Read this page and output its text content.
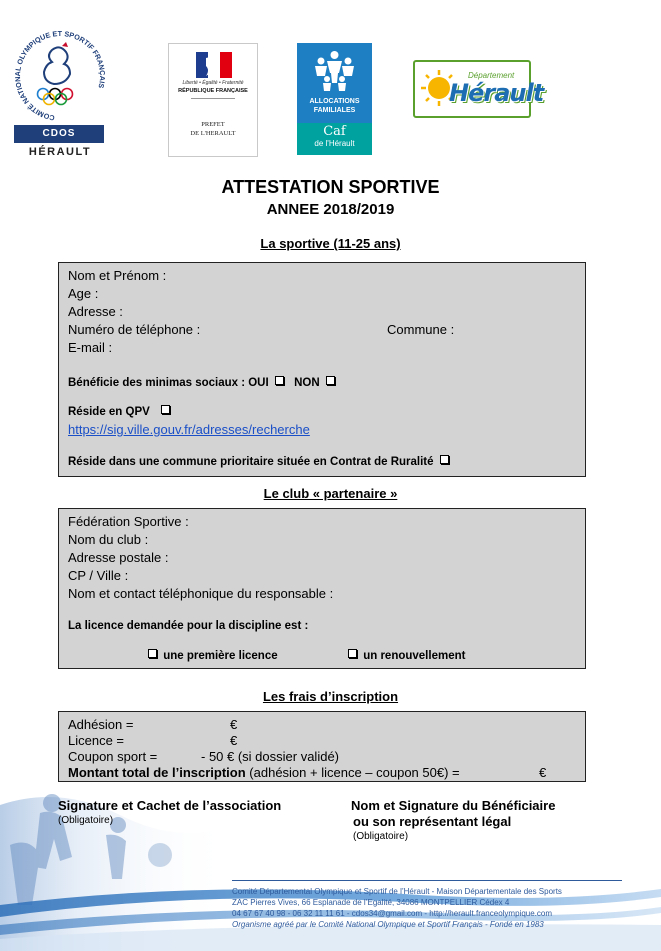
COMITÉ NATIONAL OLYMPIQUE ET SPORTIF FRANÇAIS
CDOS
HÉRAULT
Liberté • Égalité • Fraternité
RÉPUBLIQUE FRANÇAISE
PREFET
DE L'HERAULT
ALLOCATIONS
FAMILIALES
Caf
de l'Hérault
Département
Hérault
ATTESTATION SPORTIVE
ANNEE 2018/2019
La sportive (11-25 ans)
Nom et Prénom :
Age :
Adresse :
Numéro de téléphone :	Commune :
E-mail :
Bénéficie des minimas sociaux : OUI NON
Réside en QPV
https://sig.ville.gouv.fr/adresses/recherche
Réside dans une commune prioritaire située en Contrat de Ruralité
Le club « partenaire »
Fédération Sportive :
Nom du club :
Adresse postale :
CP / Ville :
Nom et contact téléphonique du responsable :
La licence demandée pour la discipline est :
une première licence	un renouvellement
Les frais d’inscription
Adhésion =	€
Licence =	€
Coupon sport =	- 50 € (si dossier validé)
Montant total de l’inscription (adhésion + licence – coupon 50€) =	€
Signature et Cachet de l’association
(Obligatoire)
Nom et Signature du Bénéficiaire
ou son représentant légal
(Obligatoire)
Comité Départemental Olympique et Sportif de l’Hérault - Maison Départementale des Sports
ZAC Pierres Vives, 66 Esplanade de l’Egalité, 34086 MONTPELLIER Cédex 4
04 67 67 40 98 - 06 32 11 11 61 - cdos34@gmail.com - http://herault.franceolympique.com
Organisme agréé par le Comité National Olympique et Sportif Français - Fondé en 1983
